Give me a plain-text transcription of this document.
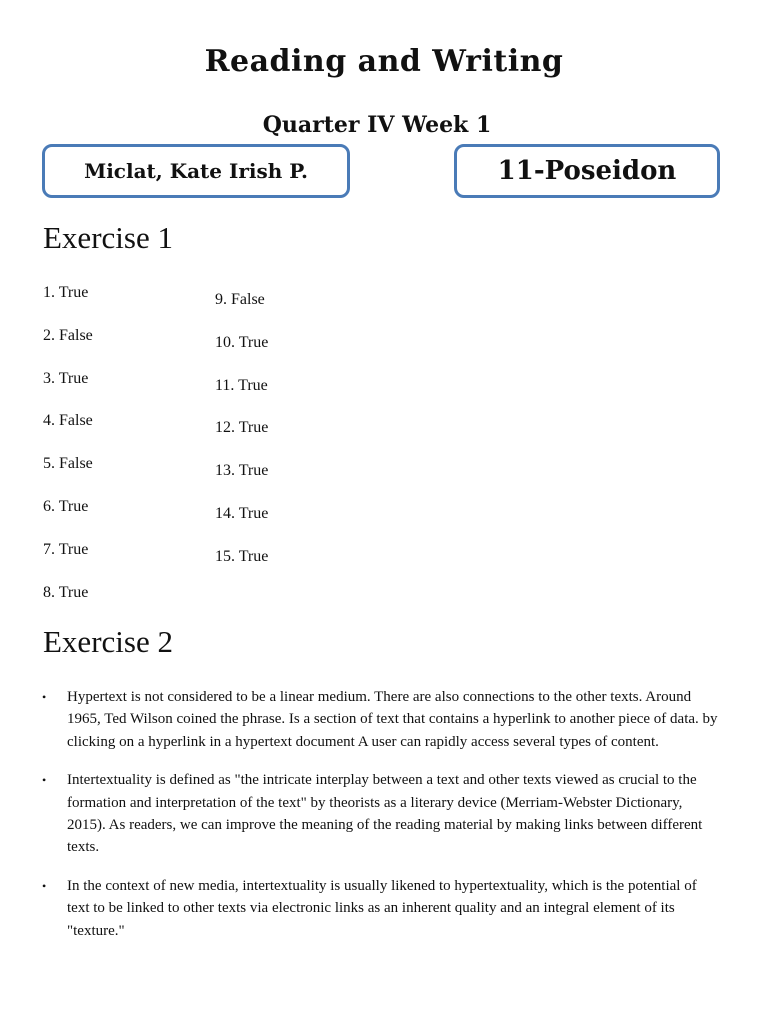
Reading and Writing
Quarter IV Week 1
Miclat, Kate Irish P.	11-Poseidon
Exercise 1
1. True
2. False
3. True
4. False
5. False
6. True
7. True
8. True
9. False
10. True
11. True
12. True
13. True
14. True
15. True
Exercise 2
• Hypertext is not considered to be a linear medium. There are also connections to the other texts. Around 1965, Ted Wilson coined the phrase. Is a section of text that contains a hyperlink to another piece of data. by clicking on a hyperlink in a hypertext document A user can rapidly access several types of content.
• Intertextuality is defined as "the intricate interplay between a text and other texts viewed as crucial to the formation and interpretation of the text" by theorists as a literary device (Merriam-Webster Dictionary, 2015). As readers, we can improve the meaning of the reading material by making links between different texts.
• In the context of new media, intertextuality is usually likened to hypertextuality, which is the potential of text to be linked to other texts via electronic links as an inherent quality and an integral element of its "texture."
